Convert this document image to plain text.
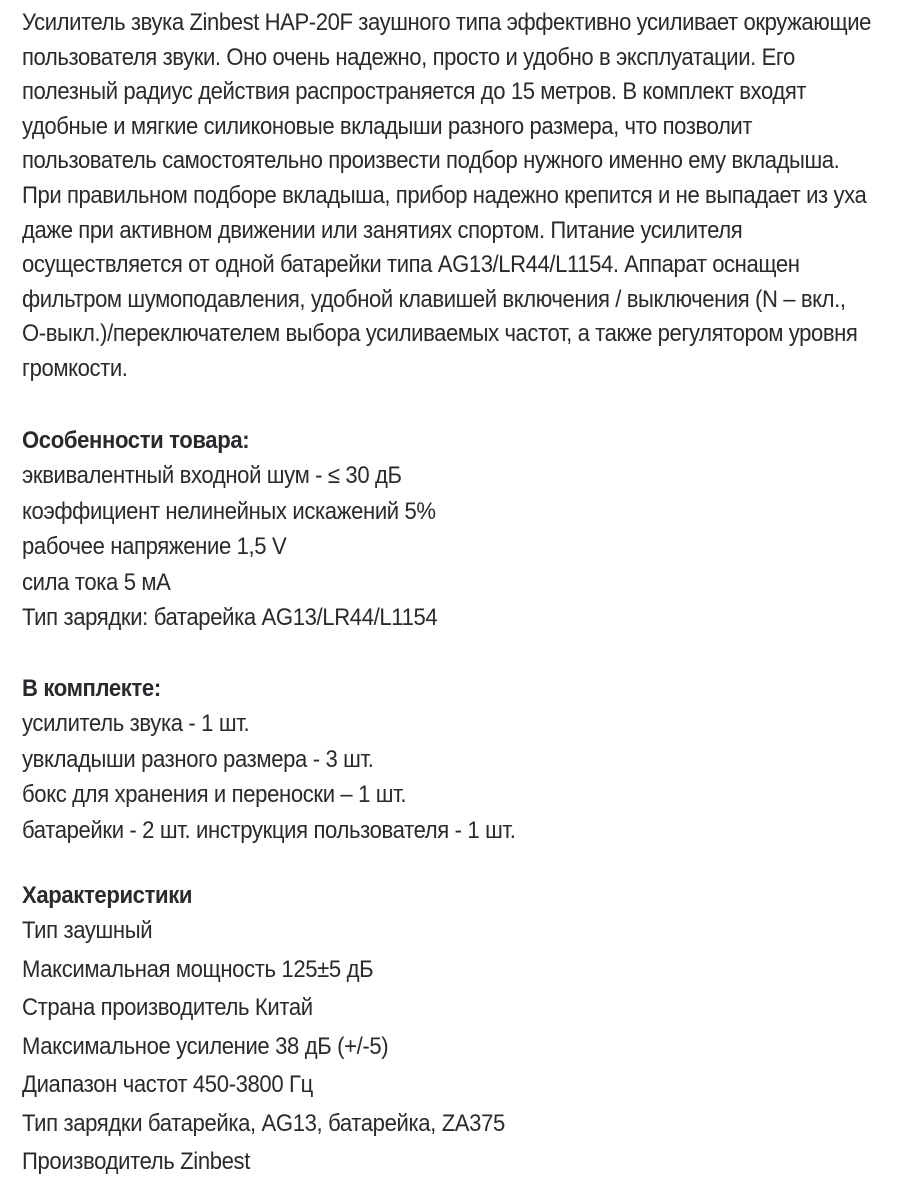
Усилитель звука Zinbest HAP-20F заушного типа эффективно усиливает окружающие пользователя звуки. Оно очень надежно, просто и удобно в эксплуатации. Его полезный радиус действия распространяется до 15 метров. В комплект входят удобные и мягкие силиконовые вкладыши разного размера, что позволит пользователь самостоятельно произвести подбор нужного именно ему вкладыша. При правильном подборе вкладыша, прибор надежно крепится и не выпадает из уха даже при активном движении или занятиях спортом. Питание усилителя осуществляется от одной батарейки типа AG13/LR44/L1154. Аппарат оснащен фильтром шумоподавления, удобной клавишей включения / выключения (N – вкл., O-выкл.)/переключателем выбора усиливаемых частот, а также регулятором уровня громкости.

Особенности товара:

эквивалентный входной шум - ≤ 30 дБ

коэффициент нелинейных искажений 5%

рабочее напряжение 1,5 V

сила тока 5 мА

Тип зарядки: батарейка AG13/LR44/L1154

В комплекте:

усилитель звука - 1 шт.

увкладыши разного размера - 3 шт.

бокс для хранения и переноски – 1 шт.

батарейки - 2 шт. инструкция пользователя - 1 шт.

Характеристики

Тип заушный

Максимальная мощность 125±5 дБ

Страна производитель Китай

Максимальное усиление 38 дБ (+/-5)

Диапазон частот 450-3800 Гц

Тип зарядки батарейка, AG13, батарейка, ZA375

Производитель Zinbest
